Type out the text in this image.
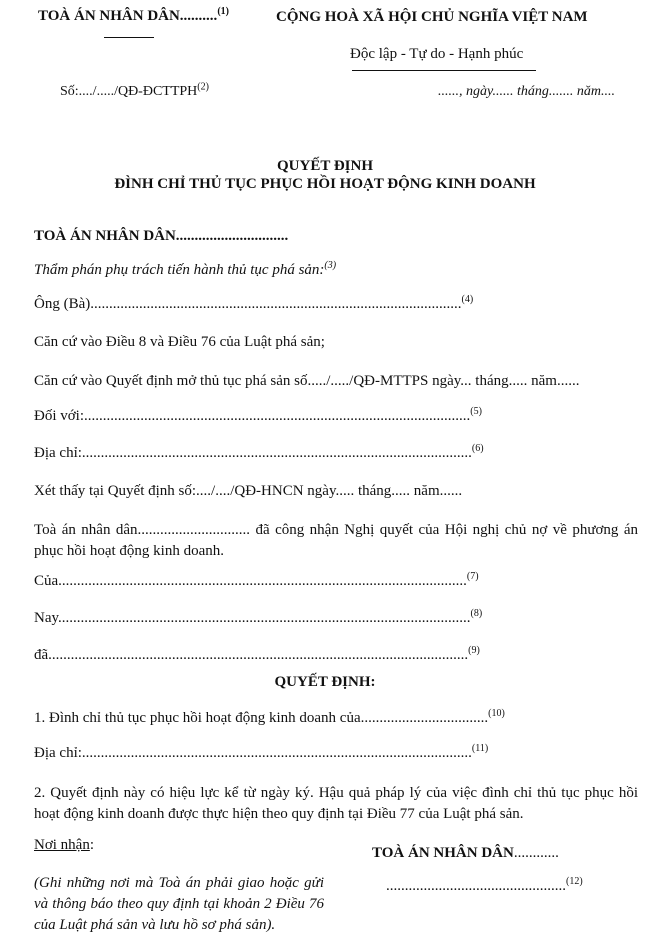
TOÀ ÁN NHÂN DÂN..........$^{(1)}$	CỘNG HOÀ XÃ HỘI CHỦ NGHĨA VIỆT NAM
Độc lập - Tự do - Hạnh phúc
Số:..../...../QĐ-ĐCTTPH$^{(2)}$	......, ngày...... tháng....... năm....
QUYẾT ĐỊNH
ĐÌNH CHỈ THỦ TỤC PHỤC HỒI HOẠT ĐỘNG KINH DOANH
TOÀ ÁN NHÂN DÂN..............................
Thẩm phán phụ trách tiến hành thủ tục phá sản:$^{(3)}$
Ông (Bà)...................................................................................................$^{(4)}$
Căn cứ vào Điều 8 và Điều 76 của Luật phá sản;
Căn cứ vào Quyết định mở thủ tục phá sản số...../...../QĐ-MTTPS ngày... tháng..... năm......
Đối với:.......................................................................................................$^{(5)}$
Địa chỉ:........................................................................................................$^{(6)}$
Xét thấy tại Quyết định số:..../..../QĐ-HNCN ngày..... tháng..... năm......
Toà án nhân dân.............................. đã công nhận Nghị quyết của Hội nghị chủ nợ về phương án phục hồi hoạt động kinh doanh.
Của.............................................................................................................$^{(7)}$
Nay..............................................................................................................$^{(8)}$
đã................................................................................................................$^{(9)}$
QUYẾT ĐỊNH:
1. Đình chỉ thủ tục phục hồi hoạt động kinh doanh của..................................$^{(10)}$
Địa chỉ:........................................................................................................$^{(11)}$
2. Quyết định này có hiệu lực kể từ ngày ký. Hậu quả pháp lý của việc đình chỉ thủ tục phục hồi hoạt động kinh doanh được thực hiện theo quy định tại Điều 77 của Luật phá sản.
Nơi nhận:
(Ghi những nơi mà Toà án phải giao hoặc gửi và thông báo theo quy định tại khoản 2 Điều 76 của Luật phá sản và lưu hồ sơ phá sản).
TOÀ ÁN NHÂN DÂN............
................................................$^{(12)}$
